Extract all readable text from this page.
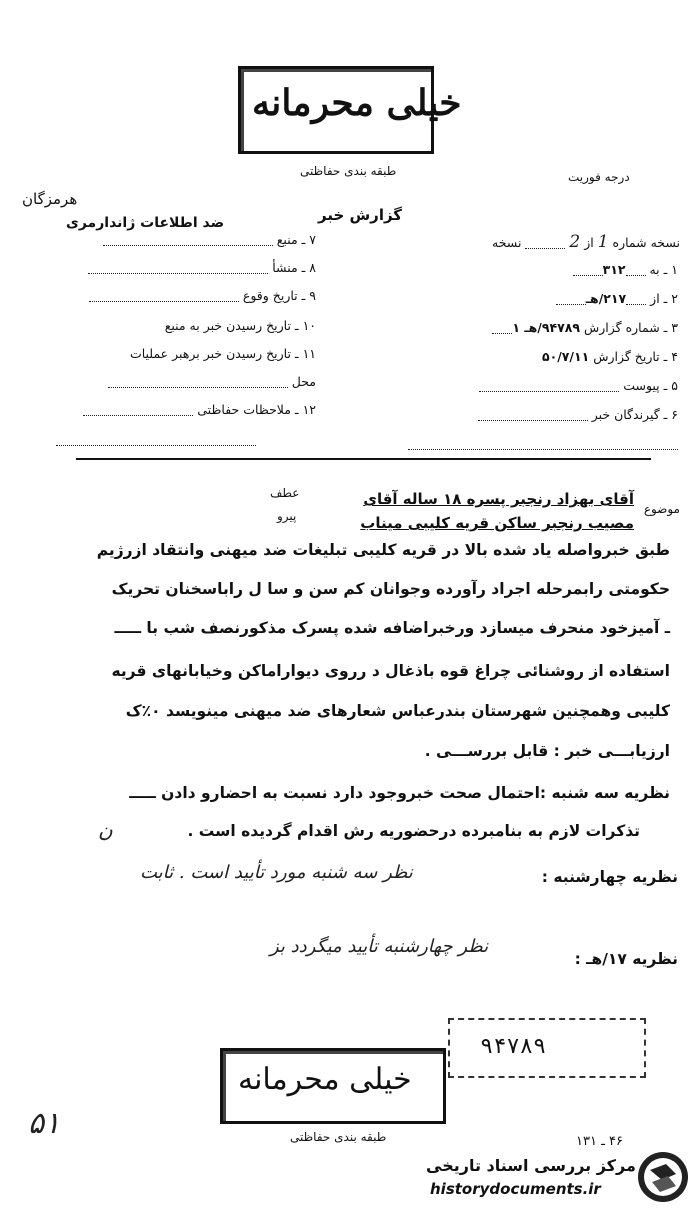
خیلی محرمانه
طبقه بندی حفاظتی	درجه فوریت
گزارش خبر
هرمزگان
ضد اطلاعات ژاندارمری
نسخه شماره 1 از 2  نسخه
۱ ـ به ۳۱۲
۲ ـ از ۲۱۷/هـ
۳ ـ شماره گزارش ۹۴۷۸۹/هـ ۱
۴ ـ تاریخ گزارش ۵۰/۷/۱۱
۵ ـ پیوست
۶ ـ گیرندگان خبر
۷ ـ منبع
۸ ـ منشأ
۹ ـ تاریخ وقوع
۱۰ ـ تاریخ رسیدن خبر به منبع
۱۱ ـ تاریخ رسیدن خبر برهبر عملیات
محل
۱۲ ـ ملاحظات حفاظتی
موضوع
عطف
پیرو
آقای بهزاد رنجبر پسره ۱۸ ساله آقای
مصیب رنجبر ساکن قریه کلیبی میناب
طبق خبرواصله یاد شده بالا در قریه کلیبی تبلیغات ضد میهنی وانتقاد ازرژیم
حکومتی رابمرحله اجراد رآورده وجوانان کم سن و سا ل راباسخنان تحریک
ـ آمیزخود منحرف میسازد ورخبراضافه شده پسرک مذکورنصف شب با ـــــ
استفاده از روشنائی چراغ قوه باذغال د رروی دیواراماکن وخیابانهای قریه
کلیبی وهمچنین شهرستان بندرعباس شعارهای ضد میهنی مینویسد ۰٪ک
ارزیابـــی خبر : قابل بررســـی .
نظریه سه شنبه :احتمال صحت خبروجود دارد نسبت به احضارو دادن ـــــ
تذکرات لازم به بنامبرده درحضوریه رش اقدام گردیده است .
ن
نظریه چهارشنبه :
نظر سه شنبه مورد تأیید است . ثابت
نظریه ۱۷/هـ :
نظر چهارشنبه تأیید میگردد بز
خیلی محرمانه
۹۴۷۸۹
طبقه بندی حفاظتی	۴۶ ـ ۱۳۱
۵۱
مرکز بررسی اسناد تاریخی
historydocuments.ir
